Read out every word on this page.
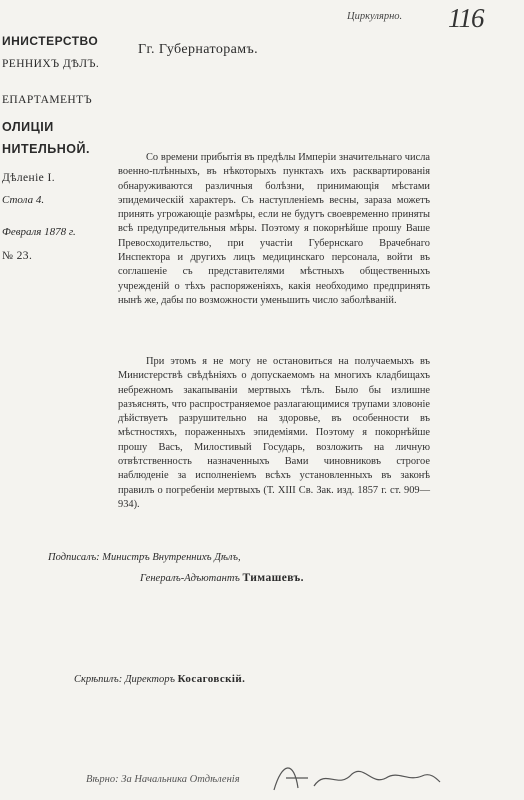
Циркулярно. 116

ИНИСТЕРСТВО

РЕННИХЪ ДѢЛЪ.

ЕПАРТАМЕНТЪ

ОЛИЦІИ

НИТЕЛЬНОЙ.

Дѣленіе I.

Стола 4.

Февраля 1878 г.

№ 23.

Гг. Губернаторамъ.

Со времени прибытія въ предѣлы Имперіи значительнаго числа военно-плѣнныхъ, въ нѣкоторыхъ пунктахъ ихъ расквартированія обнаруживаются различныя болѣзни, принимающія мѣстами эпидемическій характеръ. Съ наступленіемъ весны, зараза можетъ принять угрожающіе размѣры, если не будутъ своевременно приняты всѣ предупредительныя мѣры. Поэтому я покорнѣйше прошу Ваше Превосходительство, при участіи Губернскаго Врачебнаго Инспектора и другихъ лицъ медицинскаго персонала, войти въ соглашеніе съ представителями мѣстныхъ общественныхъ учрежденій о тѣхъ распоряженіяхъ, какія необходимо предпринять нынѣ же, дабы по возможности уменьшить число заболѣваній.

При этомъ я не могу не остановиться на получаемыхъ въ Министерствѣ свѣдѣніяхъ о допускаемомъ на многихъ кладбищахъ небрежномъ закапываніи мертвыхъ тѣлъ. Было бы излишне разъяснять, что распространяемое разлагающимися трупами зловоніе дѣйствуетъ разрушительно на здоровье, въ особенности въ мѣстностяхъ, пораженныхъ эпидеміями. Поэтому я покорнѣйше прошу Васъ, Милостивый Государь, возложить на личную отвѣтственность назначенныхъ Вами чиновниковъ строгое наблюденіе за исполненіемъ всѣхъ установленныхъ въ законѣ правилъ о погребеніи мертвыхъ (Т. XIII Св. Зак. изд. 1857 г. ст. 909—934).

Подписалъ: Министръ Внутреннихъ Дѣлъ,

Генералъ-Адъютантъ Тимашевъ.

Скрѣпилъ: Директоръ Косаговскій.

Вѣрно: За Начальника Отдѣленія
